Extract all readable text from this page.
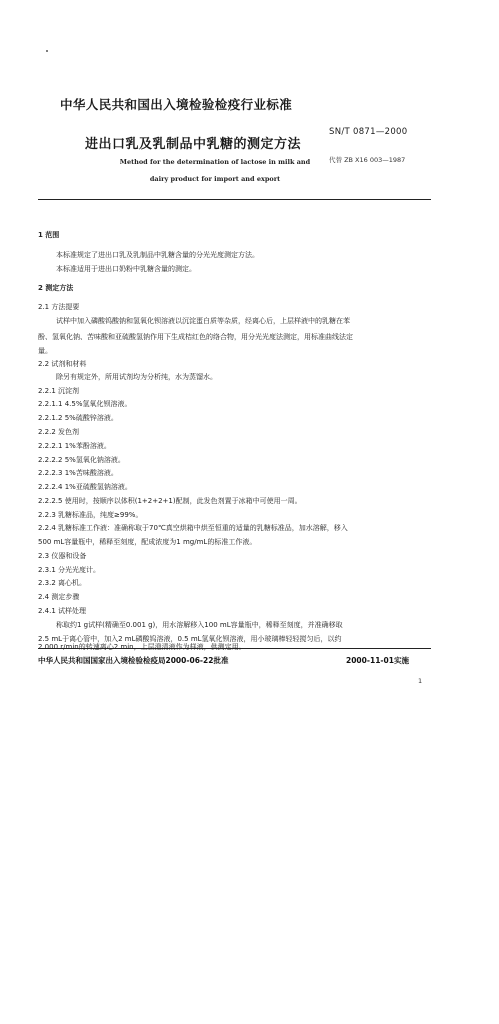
中华人民共和国出入境检验检疫行业标准
SN/T 0871—2000
进出口乳及乳制品中乳糖的测定方法
代替 ZB X16 003—1987
Method for the determination of lactose in milk and
dairy product for import and export
1 范围
本标准规定了进出口乳及乳制品中乳糖含量的分光光度测定方法。
本标准适用于进出口奶粉中乳糖含量的测定。
2 测定方法
2.1 方法提要
试样中加入磷酸钨酸钠和氢氧化钡溶液以沉淀蛋白质等杂质，经离心后，上层样液中的乳糖在苯
酚、氢氧化钠、苦味酸和亚硫酸氢钠作用下生成桔红色的络合物，用分光光度法测定，用标准曲线法定
量。
2.2 试剂和材料
除另有规定外，所用试剂均为分析纯，水为蒸馏水。
2.2.1 沉淀剂
2.2.1.1 4.5%氢氧化钡溶液。
2.2.1.2 5%硫酸锌溶液。
2.2.2 发色剂
2.2.2.1 1%苯酚溶液。
2.2.2.2 5%氢氧化钠溶液。
2.2.2.3 1%苦味酸溶液。
2.2.2.4 1%亚硫酸氢钠溶液。
2.2.2.5 使用时，按顺序以体积(1+2+2+1)配制，此发色剂置于冰箱中可使用一周。
2.2.3 乳糖标准品，纯度≥99%。
2.2.4 乳糖标准工作液：准确称取于70℃真空烘箱中烘至恒重的适量的乳糖标准品，加水溶解，移入
500 mL容量瓶中，稀释至刻度，配成浓度为1 mg/mL的标准工作液。
2.3 仪器和设备
2.3.1 分光光度计。
2.3.2 离心机。
2.4 测定步骤
2.4.1 试样处理
称取约1 g试样(精确至0.001 g)，用水溶解移入100 mL容量瓶中，稀释至刻度，并准确移取
2.5 mL于离心管中，加入2 mL磷酸钨溶液，0.5 mL氢氧化钡溶液，用小玻璃棒轻轻搅匀后，以约
2 000 r/min的转速离心2 min，上层澄清液作为样液，供测定用。
中华人民共和国国家出入境检验检疫局2000-06-22批准	2000-11-01实施
1
